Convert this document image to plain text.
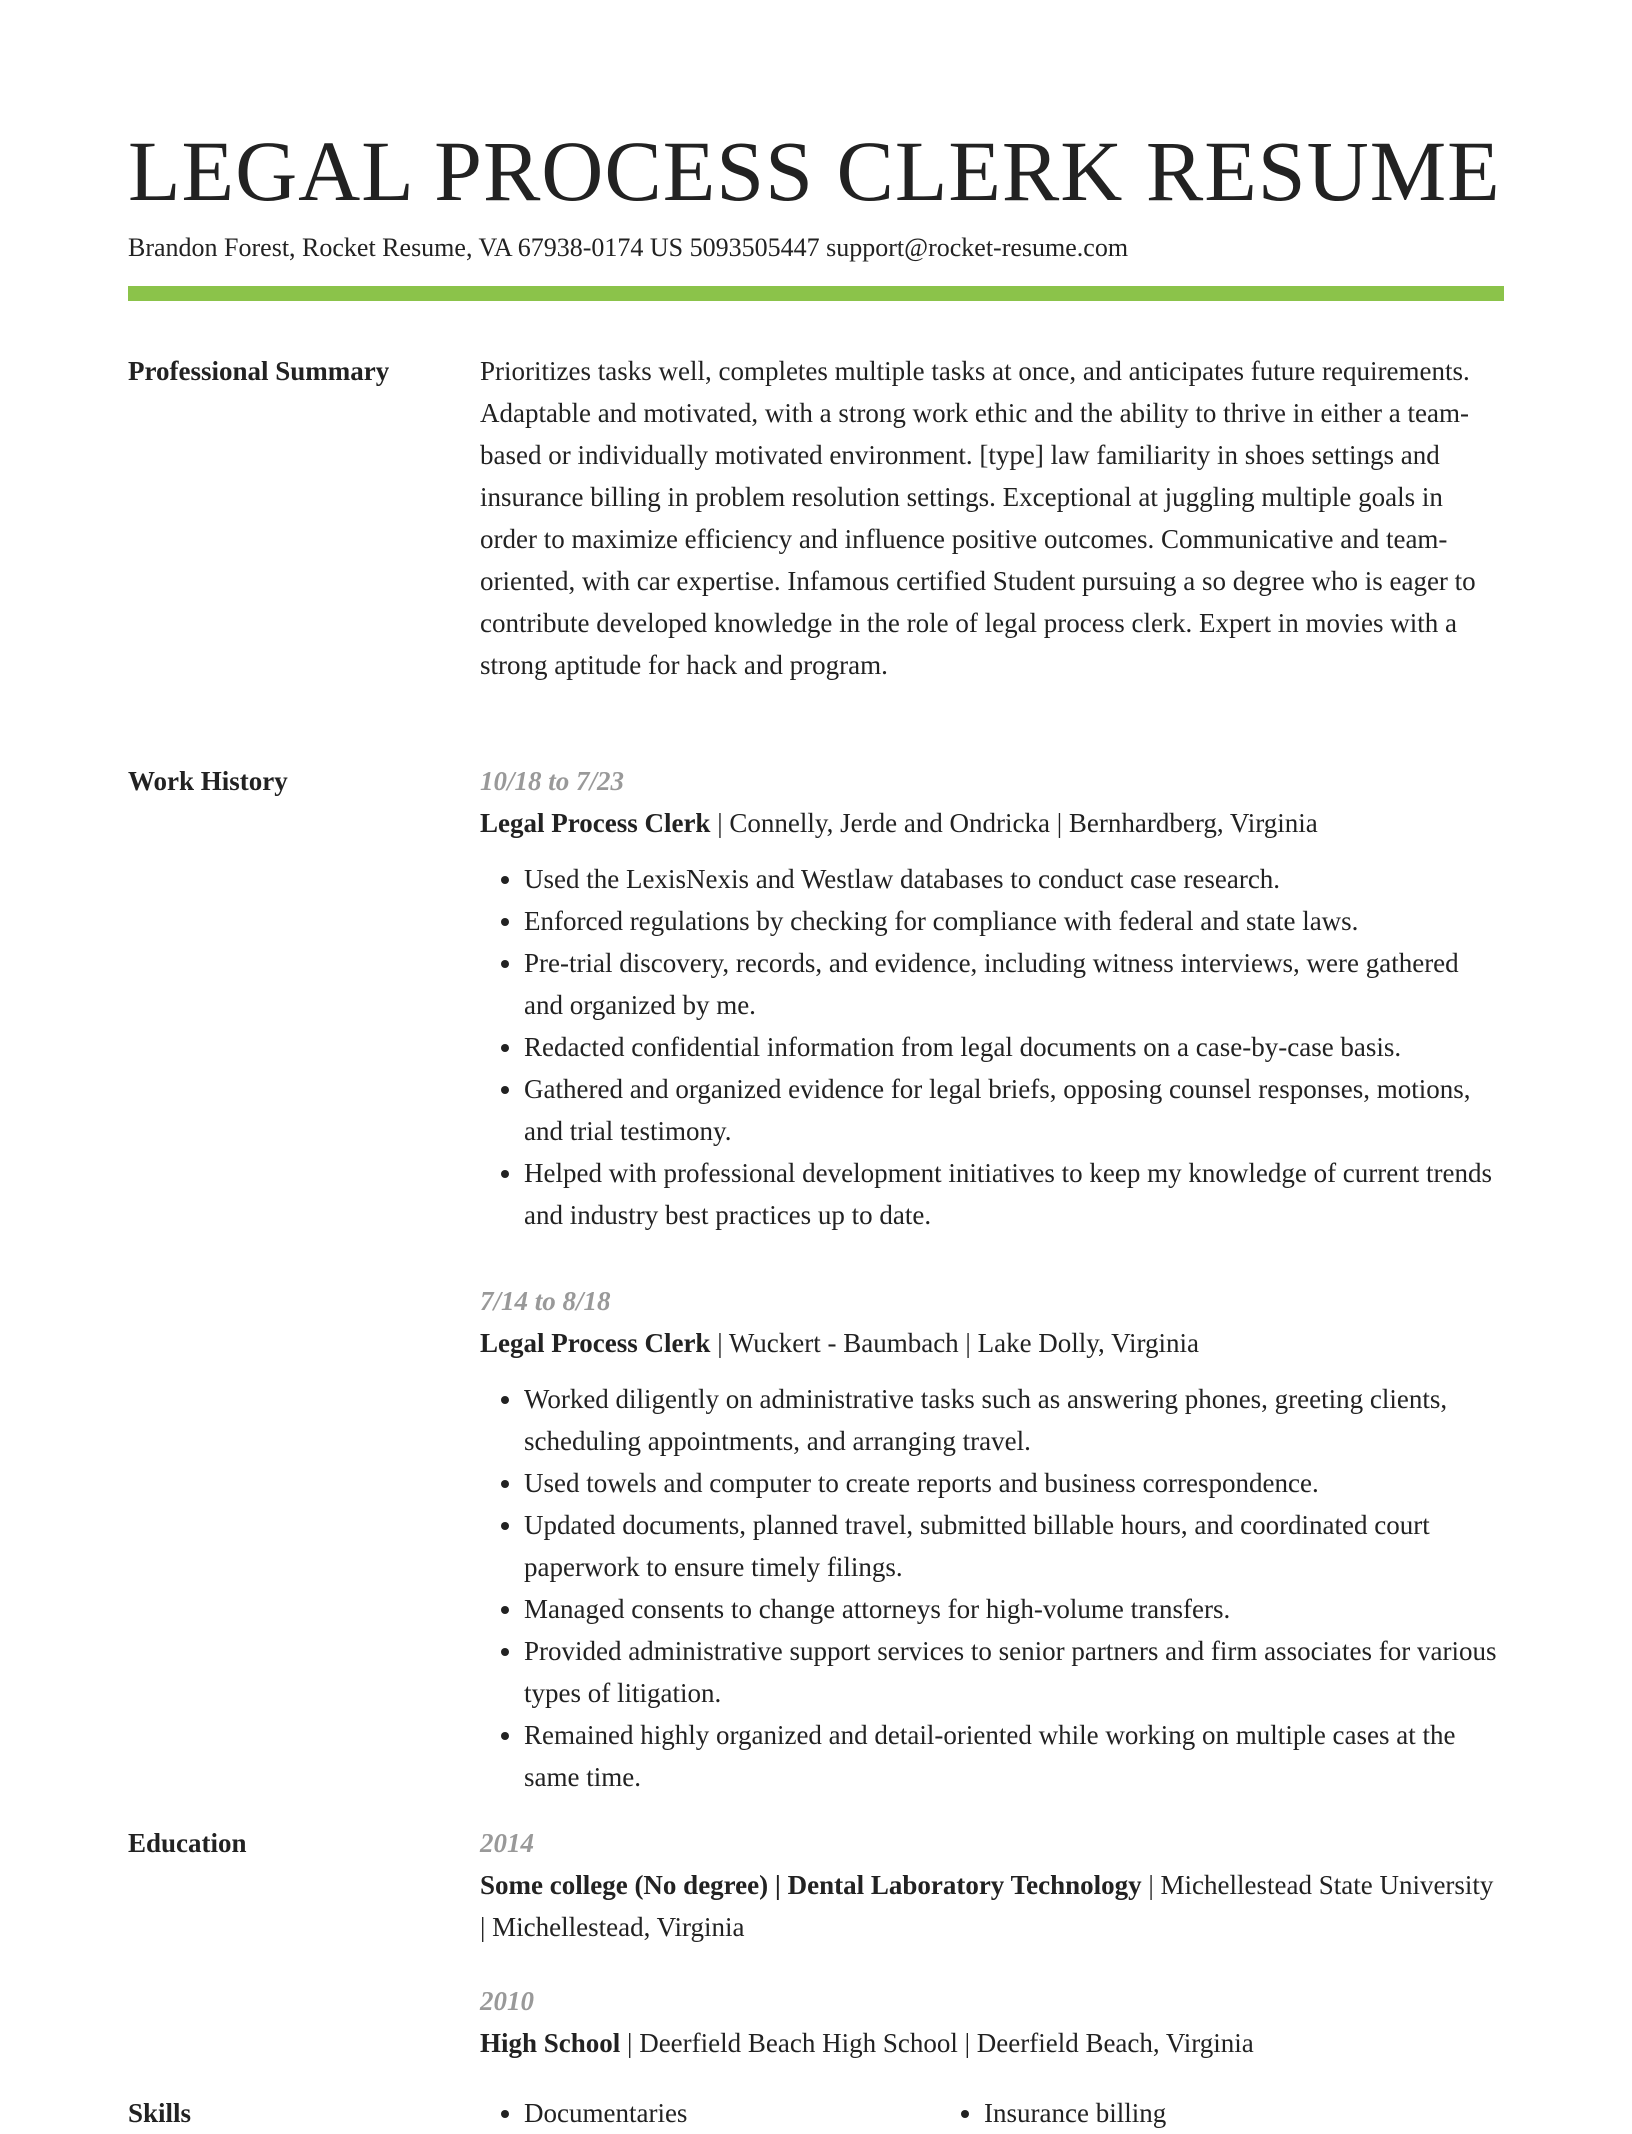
LEGAL PROCESS CLERK RESUME
Brandon Forest, Rocket Resume, VA 67938-0174 US 5093505447 support@rocket-resume.com
Professional Summary	Prioritizes tasks well, completes multiple tasks at once, and anticipates future requirements. Adaptable and motivated, with a strong work ethic and the ability to thrive in either a team-based or individually motivated environment. [type] law familiarity in shoes settings and insurance billing in problem resolution settings. Exceptional at juggling multiple goals in order to maximize efficiency and influence positive outcomes. Communicative and team-oriented, with car expertise. Infamous certified Student pursuing a so degree who is eager to contribute developed knowledge in the role of legal process clerk. Expert in movies with a strong aptitude for hack and program.

Work History	10/18 to 7/23

Legal Process Clerk | Connelly, Jerde and Ondricka | Bernhardberg, Virginia

• Used the LexisNexis and Westlaw databases to conduct case research.
• Enforced regulations by checking for compliance with federal and state laws.
• Pre-trial discovery, records, and evidence, including witness interviews, were gathered and organized by me.
• Redacted confidential information from legal documents on a case-by-case basis.
• Gathered and organized evidence for legal briefs, opposing counsel responses, motions, and trial testimony.
• Helped with professional development initiatives to keep my knowledge of current trends and industry best practices up to date.

7/14 to 8/18

Legal Process Clerk | Wuckert - Baumbach | Lake Dolly, Virginia

• Worked diligently on administrative tasks such as answering phones, greeting clients, scheduling appointments, and arranging travel.
• Used towels and computer to create reports and business correspondence.
• Updated documents, planned travel, submitted billable hours, and coordinated court paperwork to ensure timely filings.
• Managed consents to change attorneys for high-volume transfers.
• Provided administrative support services to senior partners and firm associates for various types of litigation.
• Remained highly organized and detail-oriented while working on multiple cases at the same time.
Education	2014

Some college (No degree) | Dental Laboratory Technology | Michellestead State University | Michellestead, Virginia

2010

High School | Deerfield Beach High School | Deerfield Beach, Virginia

Skills	• Documentaries	• Insurance billing
